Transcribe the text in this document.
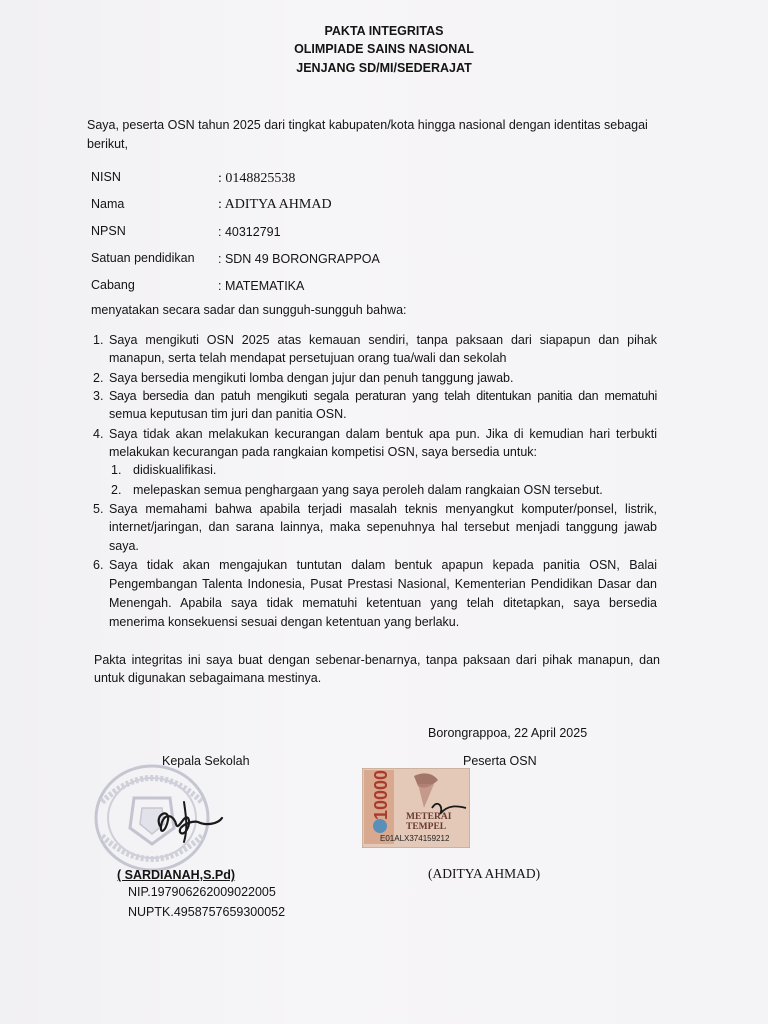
PAKTA INTEGRITAS
OLIMPIADE SAINS NASIONAL
JENJANG SD/MI/SEDERAJAT
Saya, peserta OSN tahun 2025 dari tingkat kabupaten/kota hingga nasional dengan identitas sebagai
berikut,
NISN	: 0148825538
Nama	: ADITYA AHMAD
NPSN	: 40312791
Satuan pendidikan : SDN 49 BORONGRAPPOA
Cabang	: MATEMATIKA
menyatakan secara sadar dan sungguh-sungguh bahwa:
1. Saya mengikuti OSN 2025 atas kemauan sendiri, tanpa paksaan dari siapapun dan pihak
manapun, serta telah mendapat persetujuan orang tua/wali dan sekolah
2. Saya bersedia mengikuti lomba dengan jujur dan penuh tanggung jawab.
3. Saya bersedia dan patuh mengikuti segala peraturan yang telah ditentukan panitia dan mematuhi
semua keputusan tim juri dan panitia OSN.
4. Saya tidak akan melakukan kecurangan dalam bentuk apa pun. Jika di kemudian hari terbukti
melakukan kecurangan pada rangkaian kompetisi OSN, saya bersedia untuk:
1. didiskualifikasi.
2. melepaskan semua penghargaan yang saya peroleh dalam rangkaian OSN tersebut.
5. Saya memahami bahwa apabila terjadi masalah teknis menyangkut komputer/ponsel, listrik,
internet/jaringan, dan sarana lainnya, maka sepenuhnya hal tersebut menjadi tanggung jawab
saya.
6. Saya tidak akan mengajukan tuntutan dalam bentuk apapun kepada panitia OSN, Balai
Pengembangan Talenta Indonesia, Pusat Prestasi Nasional, Kementerian Pendidikan Dasar dan
Menengah. Apabila saya tidak mematuhi ketentuan yang telah ditetapkan, saya bersedia
menerima konsekuensi sesuai dengan ketentuan yang berlaku.
Pakta integritas ini saya buat dengan sebenar-benarnya, tanpa paksaan dari pihak manapun, dan
untuk digunakan sebagaimana mestinya.
Borongrappoa, 22 April 2025
Kepala Sekolah	Peserta OSN
10000 METERAI
TEMPEL
E01ALX374159212
( SARDIANAH,S.Pd)
NIP.197906262009022005
NUPTK.4958757659300052
(ADITYA AHMAD)
